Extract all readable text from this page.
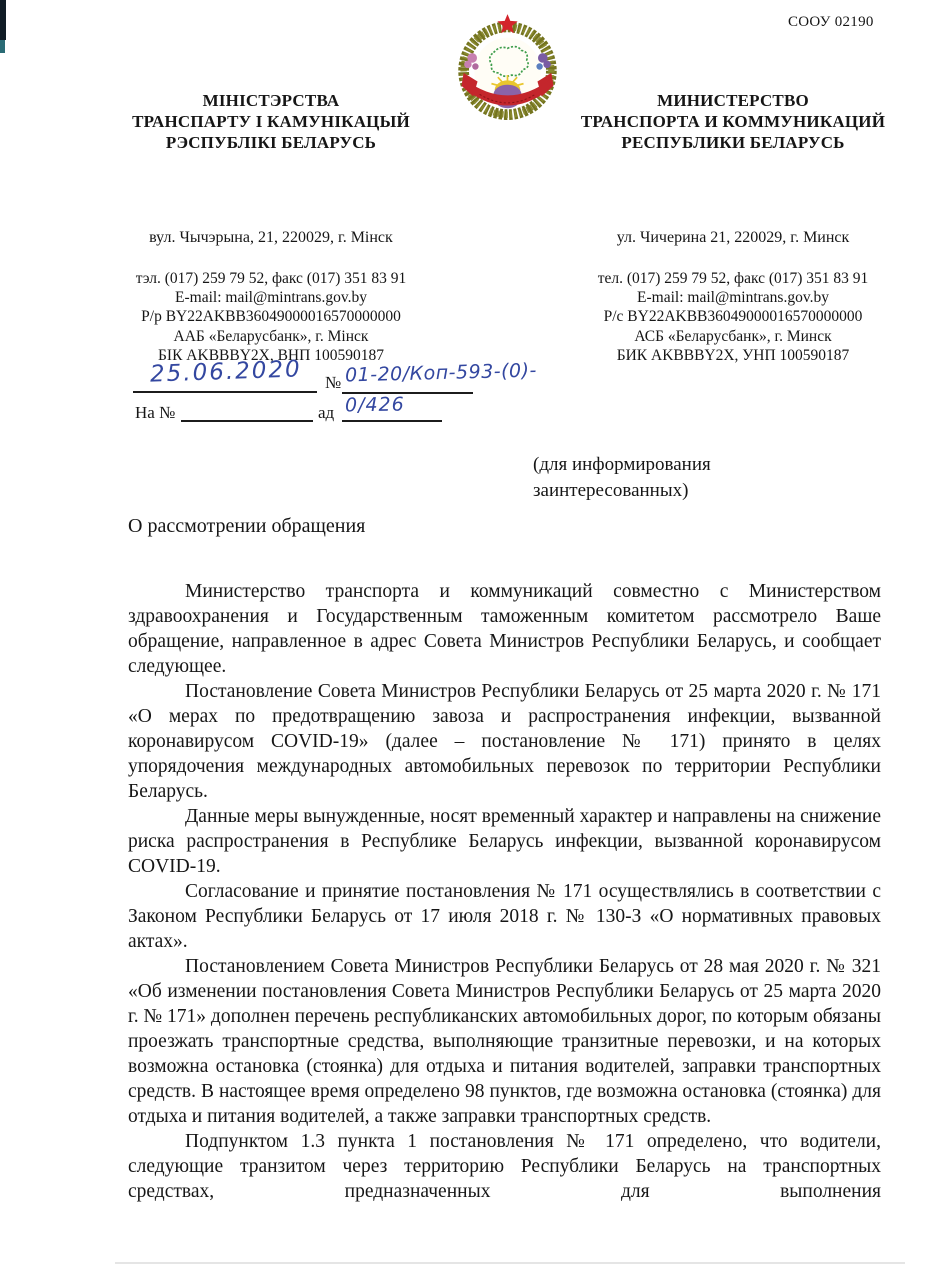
СООУ 02190
МІНІСТЭРСТВА
ТРАНСПАРТУ І КАМУНІКАЦЫЙ
РЭСПУБЛІКІ БЕЛАРУСЬ
вул. Чычэрына, 21, 220029, г. Мінск
тэл. (017) 259 79 52, факс (017) 351 83 91
E-mail: mail@mintrans.gov.by
Р/р BY22AKBB36049000016570000000
ААБ «Беларусбанк», г. Мінск
БІК AKBBBY2X, ВНП 100590187
МИНИСТЕРСТВО
ТРАНСПОРТА И КОММУНИКАЦИЙ
РЕСПУБЛИКИ БЕЛАРУСЬ
ул. Чичерина 21, 220029, г. Минск
тел. (017) 259 79 52, факс (017) 351 83 91
E-mail: mail@mintrans.gov.by
Р/с BY22AKBB36049000016570000000
АСБ «Беларусбанк», г. Минск
БИК AKBBBY2X, УНП 100590187
25.06.2020 № 01-20/Коп-593-(0)-
На №	ад 0/426
(для информирования
заинтересованных)
О рассмотрении обращения

Министерство транспорта и коммуникаций совместно с Министерством здравоохранения и Государственным таможенным комитетом рассмотрело Ваше обращение, направленное в адрес Совета Министров Республики Беларусь, и сообщает следующее.

Постановление Совета Министров Республики Беларусь от 25 марта 2020 г. № 171 «О мерах по предотвращению завоза и распространения инфекции, вызванной коронавирусом COVID-19» (далее – постановление № 171) принято в целях упорядочения международных автомобильных перевозок по территории Республики Беларусь.

Данные меры вынужденные, носят временный характер и направлены на снижение риска распространения в Республике Беларусь инфекции, вызванной коронавирусом COVID-19.

Согласование и принятие постановления № 171 осуществлялись в соответствии с Законом Республики Беларусь от 17 июля 2018 г. № 130-З «О нормативных правовых актах».

Постановлением Совета Министров Республики Беларусь от 28 мая 2020 г. № 321 «Об изменении постановления Совета Министров Республики Беларусь от 25 марта 2020 г. № 171» дополнен перечень республиканских автомобильных дорог, по которым обязаны проезжать транспортные средства, выполняющие транзитные перевозки, и на которых возможна остановка (стоянка) для отдыха и питания водителей, заправки транспортных средств. В настоящее время определено 98 пунктов, где возможна остановка (стоянка) для отдыха и питания водителей, а также заправки транспортных средств.

Подпунктом 1.3 пункта 1 постановления № 171 определено, что водители, следующие транзитом через территорию Республики Беларусь на транспортных средствах, предназначенных для выполнения
